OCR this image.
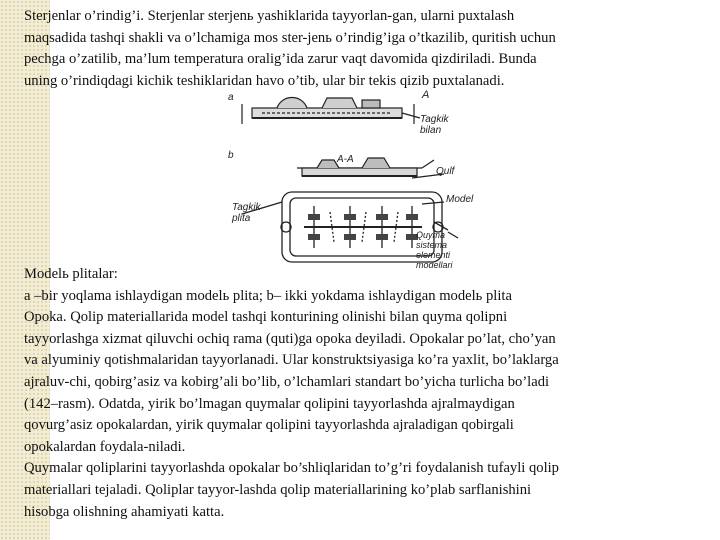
Sterjenlar o’rindig’i. Sterjenlar sterjenь yashiklarida tayyorlan-gan, ularni puxtalash
maqsadida tashqi shakli va o’lchamiga mos ster-jenь o’rindig’iga o’tkazilib, quritish uchun
pechga o’zatilib, ma’lum temperatura oralig’ida zarur vaqt davomida qizdiriladi. Bunda
uning o’rindiqdagi kichik teshiklaridan havo o’tib, ular bir tekis qizib puxtalanadi.

a	A
Tagkik bilan
b	A-A
Qulf
Tagkik
plita
Model
Quyma sistema
elementi
modellari

Modelь plitalar:
a –bir yoqlama ishlaydigan modelь plita; b– ikki yokdama ishlaydigan modelь plita
Opoka. Qolip materiallarida model tashqi konturining olinishi bilan quyma qolipni
tayyorlashga xizmat qiluvchi ochiq rama (quti)ga opoka deyiladi. Opokalar po’lat, cho’yan
va alyuminiy qotishmalaridan tayyorlanadi. Ular konstruktsiyasiga ko’ra yaxlit, bo’laklarga
ajraluv-chi, qobirg’asiz va kobirg’ali bo’lib, o’lchamlari standart bo’yicha turlicha bo’ladi
(142–rasm). Odatda, yirik bo’lmagan quymalar qolipini tayyorlashda ajralmaydigan
qovurg’asiz opokalardan, yirik quymalar qolipini tayyorlashda ajraladigan qobirgali
opokalardan foydala-niladi.
Quymalar qoliplarini tayyorlashda opokalar bo’shliqlaridan to’g’ri foydalanish tufayli qolip
materiallari tejaladi. Qoliplar tayyor-lashda qolip materiallarining ko’plab sarflanishini
hisobga olishning ahamiyati katta.
